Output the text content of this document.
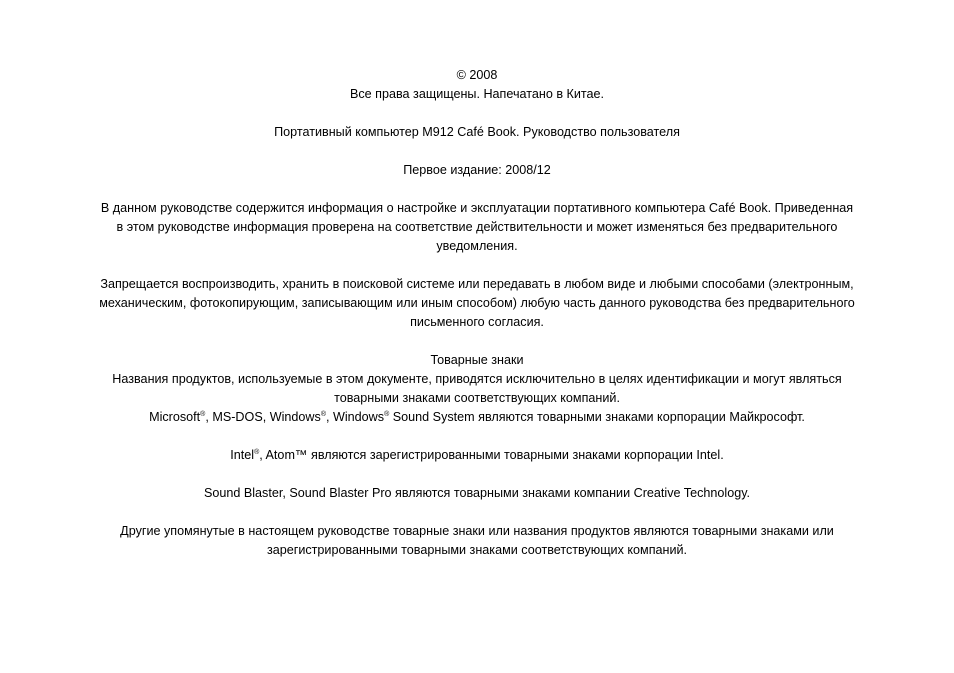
© 2008

Все права защищены. Напечатано в Китае.

Портативный компьютер M912 Café Book. Руководство пользователя

Первое издание: 2008/12

В данном руководстве содержится информация о настройке и эксплуатации портативного компьютера Café Book. Приведенная

в этом руководстве информация проверена на соответствие действительности и может изменяться без предварительного

уведомления.

Запрещается воспроизводить, хранить в поисковой системе или передавать в любом виде и любыми способами (электронным,

механическим, фотокопирующим, записывающим или иным способом) любую часть данного руководства без предварительного

письменного согласия.

Товарные знаки

Названия продуктов, используемые в этом документе, приводятся исключительно в целях идентификации и могут являться

товарными знаками соответствующих компаний.

Microsoft®, MS-DOS, Windows®, Windows® Sound System являются товарными знаками корпорации Майкрософт.

Intel®, Atom™ являются зарегистрированными товарными знаками корпорации Intel.

Sound Blaster, Sound Blaster Pro являются товарными знаками компании Creative Technology.

Другие упомянутые в настоящем руководстве товарные знаки или названия продуктов являются товарными знаками или

зарегистрированными товарными знаками соответствующих компаний.
